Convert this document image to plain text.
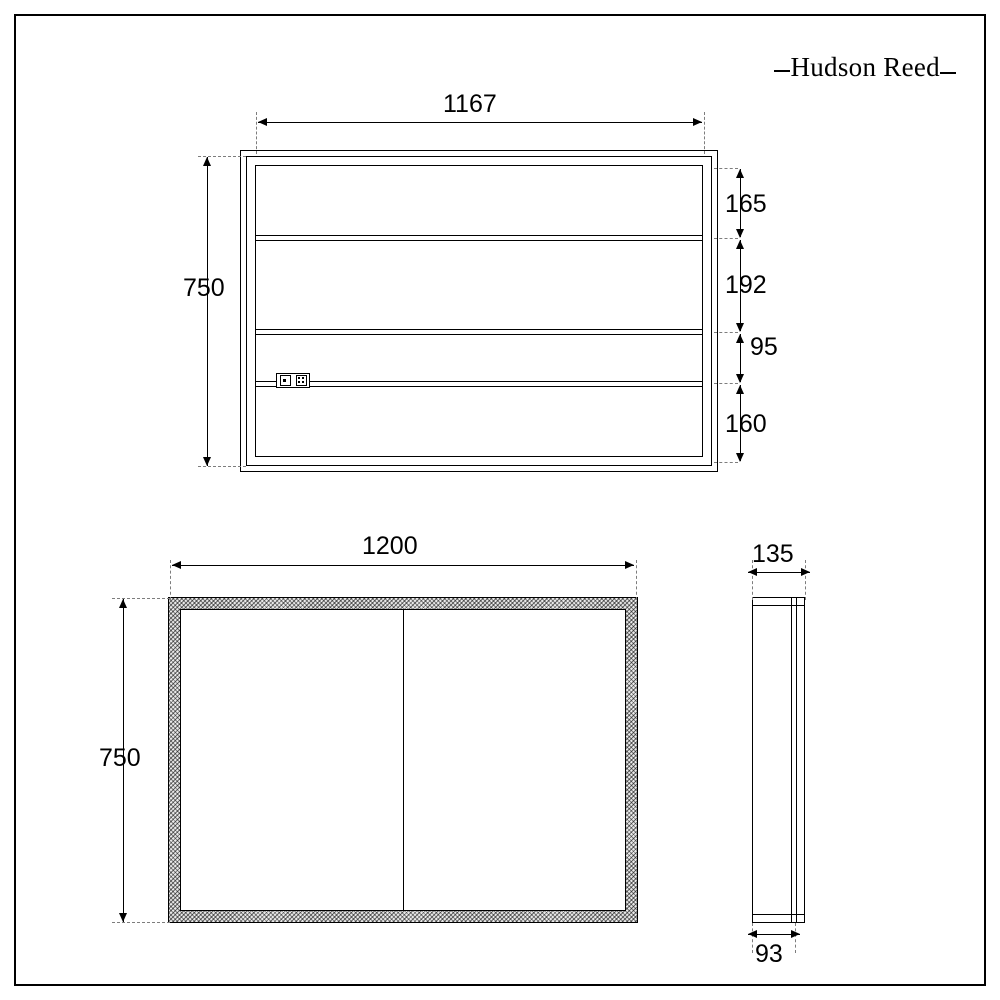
Hudson Reed
1167
750
165
192
95
160
1200
750
135
93
